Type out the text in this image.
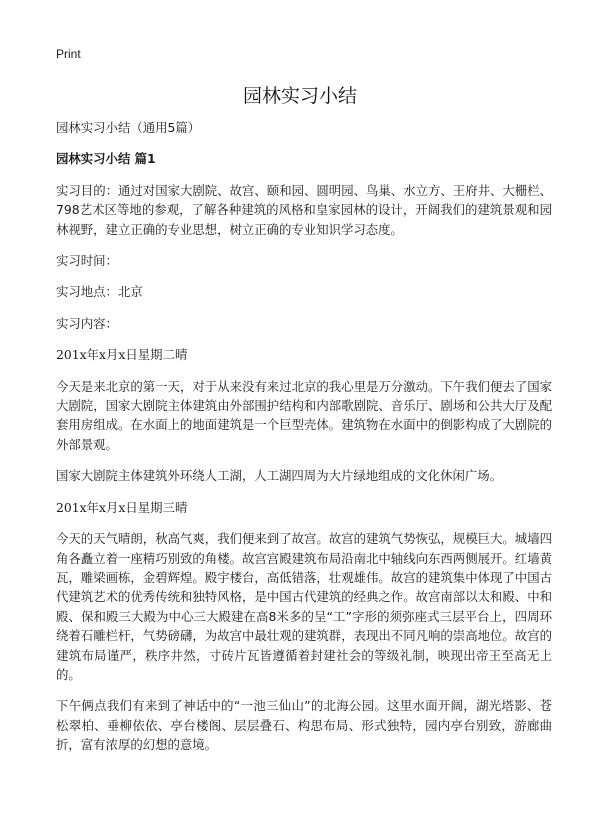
Print
园林实习小结

园林实习小结（通用5篇）

园林实习小结 篇1

实习目的：通过对国家大剧院、故宫、颐和园、圆明园、鸟巢、水立方、王府井、大栅栏、798艺术区等地的参观，了解各种建筑的风格和皇家园林的设计，开阔我们的建筑景观和园林视野，建立正确的专业思想，树立正确的专业知识学习态度。

实习时间：

实习地点：北京

实习内容：

201x年x月x日星期二晴

今天是来北京的第一天，对于从来没有来过北京的我心里是万分激动。下午我们便去了国家大剧院，国家大剧院主体建筑由外部围护结构和内部歌剧院、音乐厅、剧场和公共大厅及配套用房组成。在水面上的地面建筑是一个巨型壳体。建筑物在水面中的倒影构成了大剧院的外部景观。

国家大剧院主体建筑外环绕人工湖，人工湖四周为大片绿地组成的文化休闲广场。

201x年x月x日星期三晴

今天的天气晴朗，秋高气爽，我们便来到了故宫。故宫的建筑气势恢弘，规模巨大。城墙四角各矗立着一座精巧别致的角楼。故宫宫殿建筑布局沿南北中轴线向东西两侧展开。红墙黄瓦，雕梁画栋，金碧辉煌。殿宇楼台，高低错落，壮观雄伟。故宫的建筑集中体现了中国古代建筑艺术的优秀传统和独特风格，是中国古代建筑的经典之作。故宫南部以太和殿、中和殿、保和殿三大殿为中心三大殿建在高8米多的呈“工”字形的须弥座式三层平台上，四周环绕着石雕栏杆，气势磅礴，为故宫中最壮观的建筑群，表现出不同凡响的崇高地位。故宫的建筑布局谨严，秩序井然，寸砖片瓦皆遵循着封建社会的等级礼制，映现出帝王至高无上的。

下午俩点我们有来到了神话中的“一池三仙山”的北海公园。这里水面开阔，湖光塔影、苍松翠柏、垂柳依依、亭台楼阁、层层叠石、构思布局、形式独特，园内亭台别致，游廊曲折，富有浓厚的幻想的意境。
